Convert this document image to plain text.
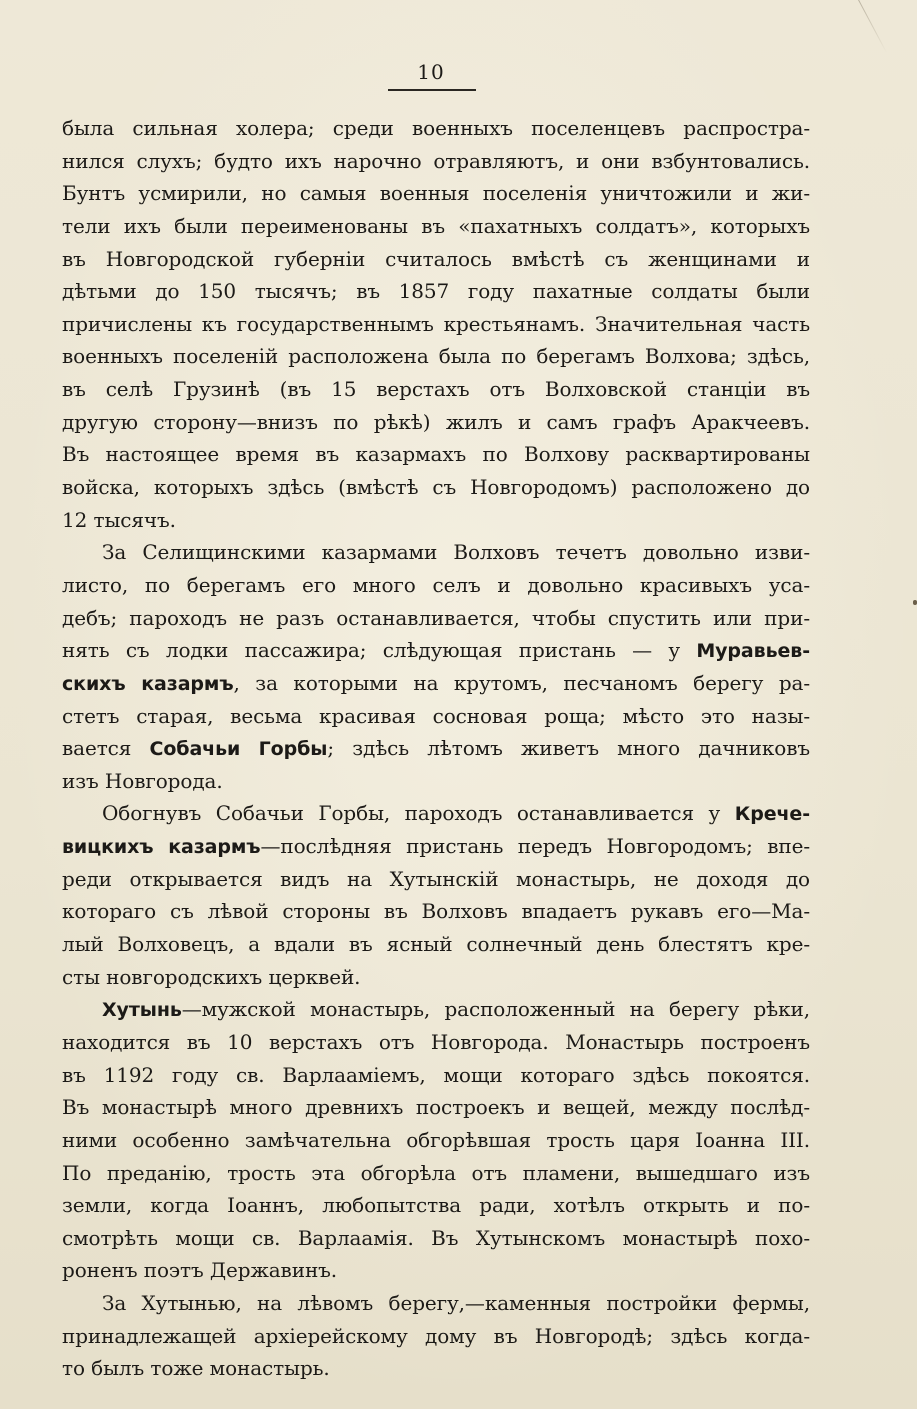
10
была сильная холера; среди военныхъ поселенцевъ распростра-
нился слухъ; будто ихъ нарочно отравляютъ, и они взбунтовались.
Бунтъ усмирили, но самыя военныя поселенія уничтожили и жи-
тели ихъ были переименованы въ «пахатныхъ солдатъ», которыхъ
въ Новгородской губерніи считалось вмѣстѣ съ женщинами и
дѣтьми до 150 тысячъ; въ 1857 году пахатные солдаты были
причислены къ государственнымъ крестьянамъ. Значительная часть
военныхъ поселеній расположена была по берегамъ Волхова; здѣсь,
въ селѣ Грузинѣ (въ 15 верстахъ отъ Волховской станціи въ
другую сторону—внизъ по рѣкѣ) жилъ и самъ графъ Аракчеевъ.
Въ настоящее время въ казармахъ по Волхову расквартированы
войска, которыхъ здѣсь (вмѣстѣ съ Новгородомъ) расположено до
12 тысячъ.
За Селищинскими казармами Волховъ течетъ довольно изви-
листо, по берегамъ его много селъ и довольно красивыхъ уса-
дебъ; пароходъ не разъ останавливается, чтобы спустить или при-
нять съ лодки пассажира; слѣдующая пристань — у Муравьев-
скихъ казармъ, за которыми на крутомъ, песчаномъ берегу ра-
стетъ старая, весьма красивая сосновая роща; мѣсто это назы-
вается Собачьи Горбы; здѣсь лѣтомъ живетъ много дачниковъ
изъ Новгорода.
Обогнувъ Собачьи Горбы, пароходъ останавливается у Крече-
вицкихъ казармъ—послѣдняя пристань передъ Новгородомъ; впе-
реди открывается видъ на Хутынскій монастырь, не доходя до
котораго съ лѣвой стороны въ Волховъ впадаетъ рукавъ его—Ма-
лый Волховецъ, а вдали въ ясный солнечный день блестятъ кре-
сты новгородскихъ церквей.
Хутынь—мужской монастырь, расположенный на берегу рѣки,
находится въ 10 верстахъ отъ Новгорода. Монастырь построенъ
въ 1192 году св. Варлаамiемъ, мощи котораго здѣсь покоятся.
Въ монастырѣ много древнихъ построекъ и вещей, между послѣд-
ними особенно замѣчательна обгорѣвшая трость царя Іоанна III.
По преданію, трость эта обгорѣла отъ пламени, вышедшаго изъ
земли, когда Іоаннъ, любопытства ради, хотѣлъ открыть и по-
смотрѣть мощи св. Варлаамія. Въ Хутынскомъ монастырѣ похо-
роненъ поэтъ Державинъ.
За Хутынью, на лѣвомъ берегу,—каменныя постройки фермы,
принадлежащей архіерейскому дому въ Новгородѣ; здѣсь когда-
то былъ тоже монастырь.
